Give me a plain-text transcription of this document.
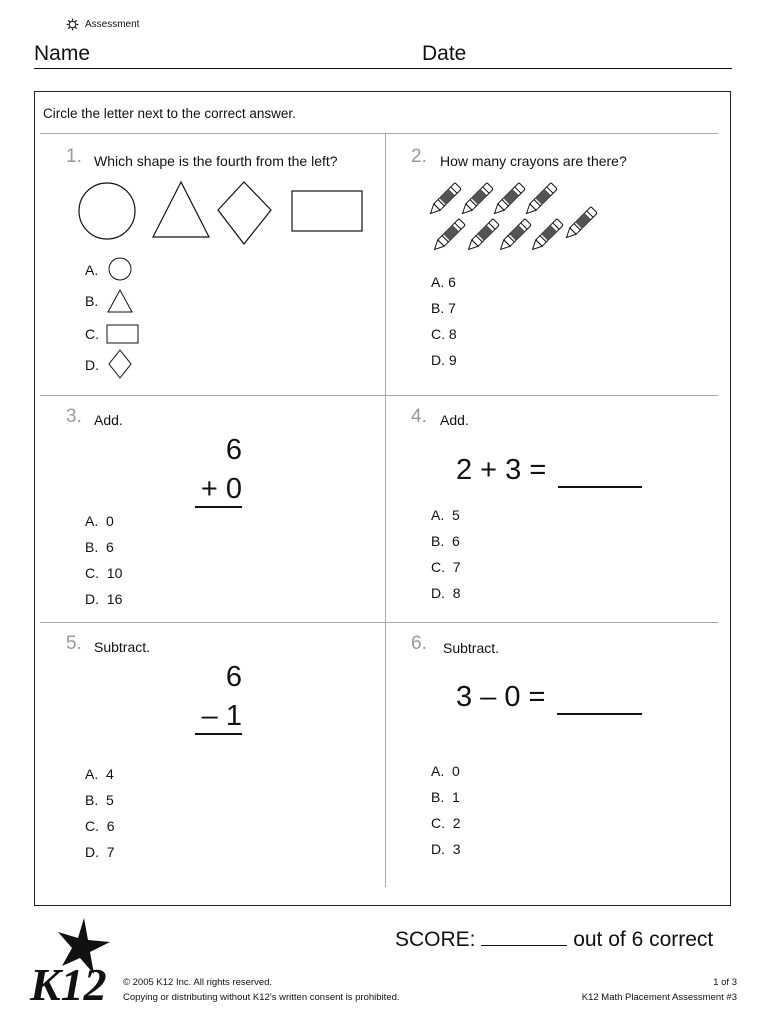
Assessment
Name	Date
Circle the letter next to the correct answer.
1. Which shape is the fourth from the left?
A.
B.
C.
D.
2. How many crayons are there?
A. 6
B. 7
C. 8
D. 9
3. Add.
6
+ 0
A. 0
B. 6
C. 10
D. 16
4. Add.
2 + 3 =
A. 5
B. 6
C. 7
D. 8
5. Subtract.
6
– 1
A. 4
B. 5
C. 6
D. 7
6. Subtract.
3 – 0 =
A. 0
B. 1
C. 2
D. 3
SCORE:	out of 6 correct
K12 © 2005 K12 Inc. All rights reserved.
Copying or distributing without K12’s written consent is prohibited.
1 of 3
K12 Math Placement Assessment #3
